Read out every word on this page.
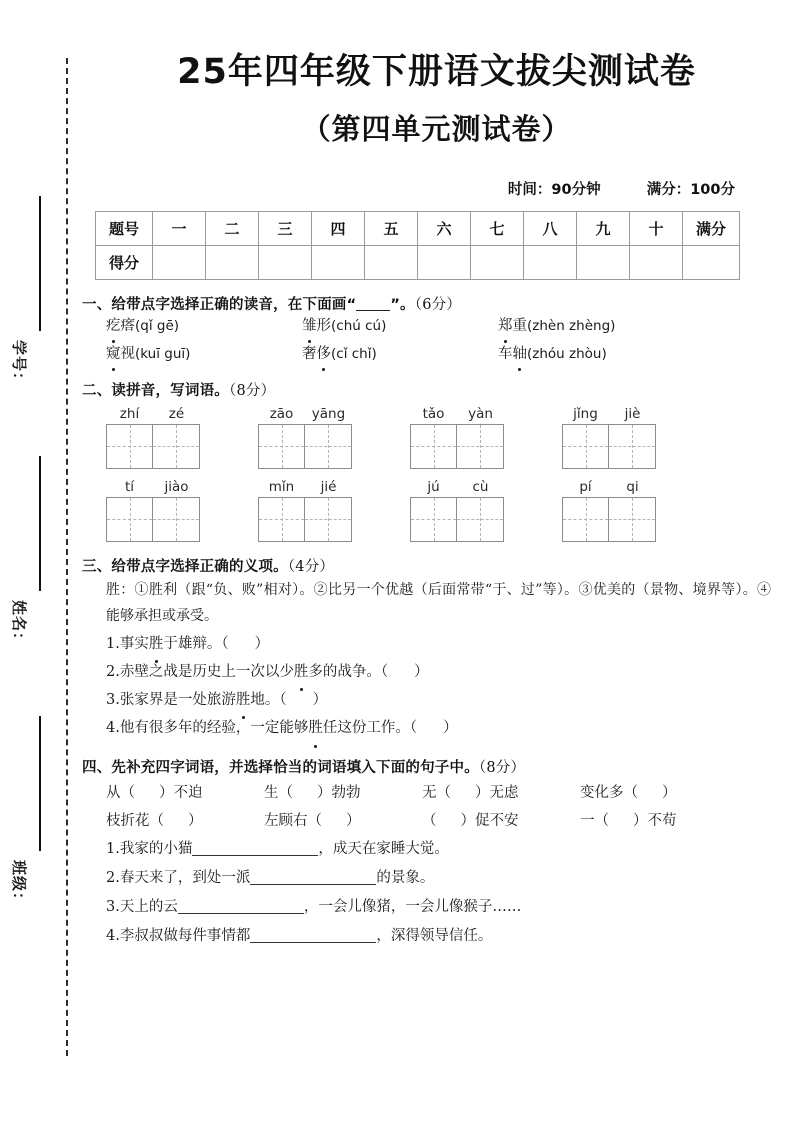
学号：
姓名：
班级：
25年四年级下册语文拔尖测试卷
（第四单元测试卷）
时间：90分钟	满分：100分
题号	一	二	三	四	五	六	七	八	九	十	满分
得分											
一、给带点字选择正确的读音，在下面画“ ”。（6分）
疙瘩(qǐ gē)	雏形(chú cú)	郑重(zhèn zhèng)
窥视(kuī guī)	奢侈(cǐ chǐ)	车轴(zhóu zhòu)
二、读拼音，写词语。（8分）
zhí	zé	zāo	yāng	tǎo	yàn	jǐng	jiè
tí	jiào	mǐn	jié	jú	cù	pí	qi
三、给带点字选择正确的义项。（4分）
胜：①胜利（跟“负、败”相对）。②比另一个优越（后面常带“于、过”等）。③优美的（景物、境界等）。④能够承担或承受。
1.事实胜于雄辩。（ ）
2.赤壁之战是历史上一次以少胜多的战争。（ ）
3.张家界是一处旅游胜地。（ ）
4.他有很多年的经验，一定能够胜任这份工作。（ ）
四、先补充四字词语，并选择恰当的词语填入下面的句子中。（8分）
从（ ）不迫	生（ ）勃勃	无（ ）无虑	变化多（ ）
枝折花（ ）	左顾右（ ）	（ ）促不安	一（ ）不苟
1.我家的小猫	，成天在家睡大觉。
2.春天来了，到处一派	的景象。
3.天上的云	，一会儿像猪，一会儿像猴子……
4.李叔叔做每件事情都	，深得领导信任。
